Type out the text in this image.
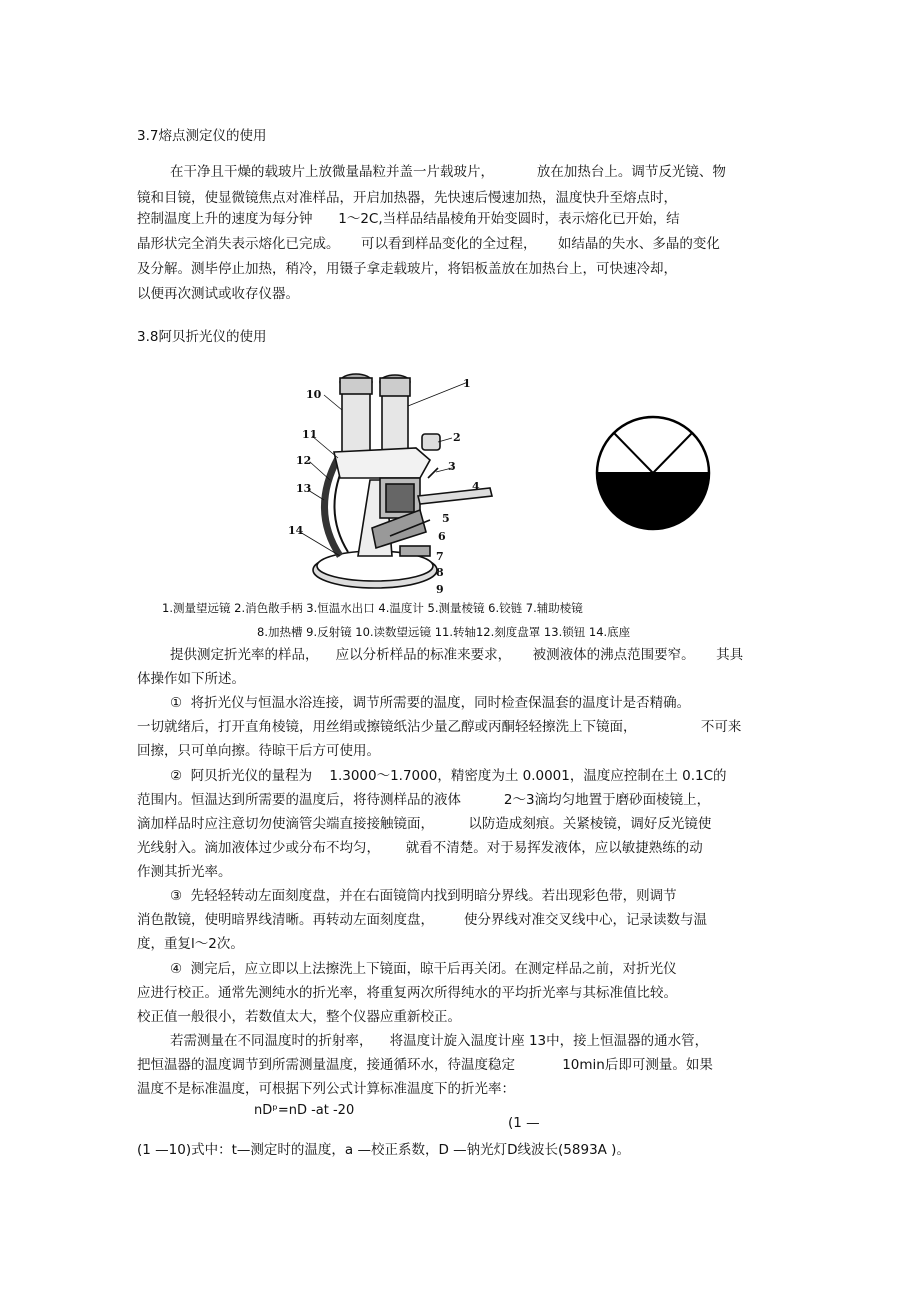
3.7熔点测定仪的使用
在干净且干燥的载玻片上放微量晶粒并盖一片载玻片，          放在加热台上。调节反光镜、物
镜和目镜，使显微镜焦点对准样品，开启加热器，先快速后慢速加热，温度快升至熔点时，
控制温度上升的速度为每分钟      1～2C,当样品结晶棱角开始变圆时，表示熔化已开始，结
晶形状完全消失表示熔化已完成。     可以看到样品变化的全过程，     如结晶的失水、多晶的变化
及分解。测毕停止加热，稍冷，用镊子拿走载玻片，将铝板盖放在加热台上，可快速冷却，
以便再次测试或收存仪器。
3.8阿贝折光仪的使用
1
2
3
4
5
6
7
8
9
10
11
12
13
14
1.测量望远镜 2.消色散手柄 3.恒温水出口 4.温度计 5.测量棱镜 6.铰链 7.辅助棱镜
8.加热槽 9.反射镜 10.读数望远镜 11.转轴12.刻度盘罩 13.锁钮 14.底座
提供测定折光率的样品，    应以分析样品的标准来要求，     被测液体的沸点范围要窄。     其具
体操作如下所述。
①  将折光仪与恒温水浴连接，调节所需要的温度，同时检查保温套的温度计是否精确。
一切就绪后，打开直角棱镜，用丝绢或擦镜纸沾少量乙醇或丙酮轻轻擦洗上下镜面，               不可来
回擦，只可单向擦。待晾干后方可使用。
②  阿贝折光仪的量程为    1.3000～1.7000，精密度为土 0.0001，温度应控制在土 0.1C的
范围内。恒温达到所需要的温度后，将待测样品的液体          2～3滴均匀地置于磨砂面棱镜上，
滴加样品时应注意切勿使滴管尖端直接接触镜面，        以防造成刻痕。关紧棱镜，调好反光镜使
光线射入。滴加液体过少或分布不均匀，      就看不清楚。对于易挥发液体，应以敏捷熟练的动
作测其折光率。
③  先轻轻转动左面刻度盘，并在右面镜筒内找到明暗分界线。若出现彩色带，则调节
消色散镜，使明暗界线清晰。再转动左面刻度盘，       使分界线对准交叉线中心，记录读数与温
度，重复l～2次。
④  测完后，应立即以上法擦洗上下镜面，晾干后再关闭。在测定样品之前，对折光仪
应进行校正。通常先测纯水的折光率，将重复两次所得纯水的平均折光率与其标准值比较。
校正值一般很小，若数值太大，整个仪器应重新校正。
若需测量在不同温度时的折射率，    将温度计旋入温度计座 13中，接上恒温器的通水管，
把恒温器的温度调节到所需测量温度，接通循环水，待温度稳定           10min后即可测量。如果
温度不是标准温度，可根据下列公式计算标准温度下的折光率：
nDᵖ=nD -at -20
(1 —
(1 —10)式中：t—测定时的温度，a —校正系数，D —钠光灯D线波长(5893A )。
